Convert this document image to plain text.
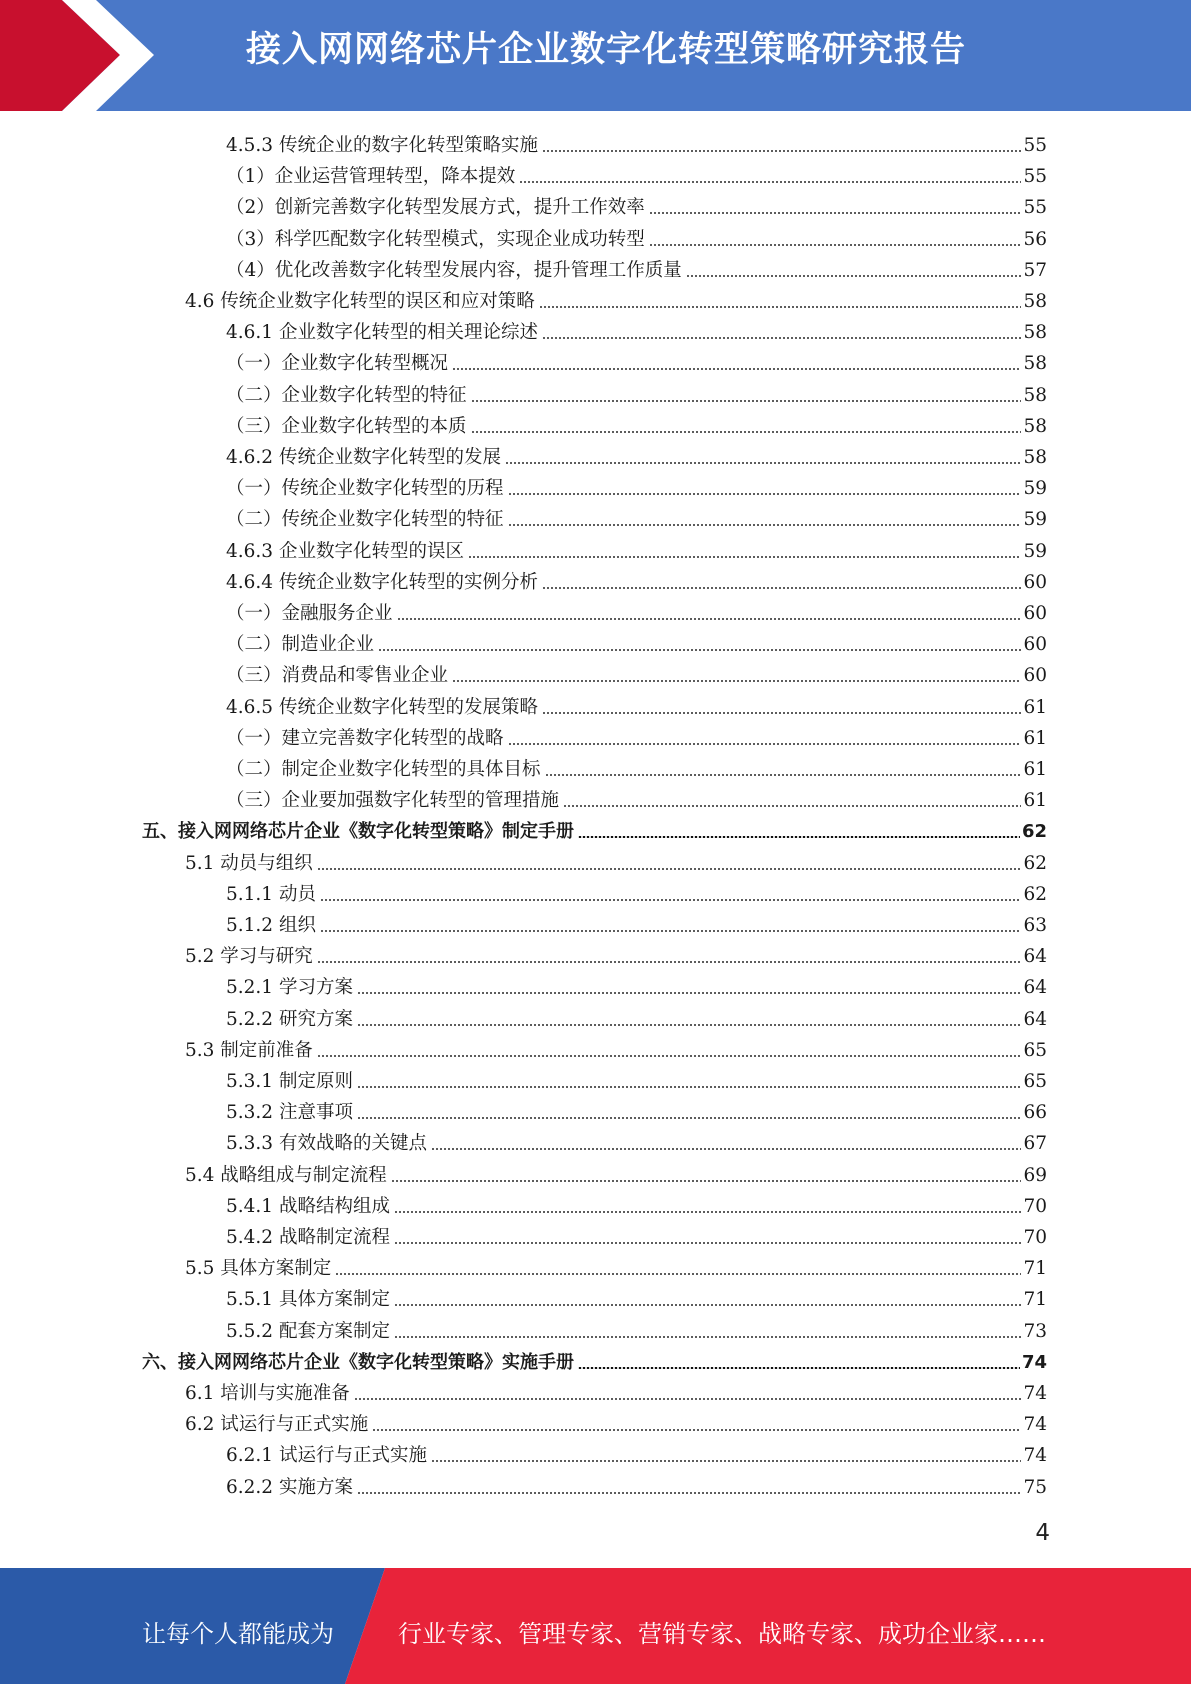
接入网网络芯片企业数字化转型策略研究报告
4.5.3 传统企业的数字化转型策略实施	55
（1）企业运营管理转型，降本提效	55
（2）创新完善数字化转型发展方式，提升工作效率	55
（3）科学匹配数字化转型模式，实现企业成功转型	56
（4）优化改善数字化转型发展内容，提升管理工作质量	57
4.6 传统企业数字化转型的误区和应对策略	58
4.6.1 企业数字化转型的相关理论综述	58
（一）企业数字化转型概况	58
（二）企业数字化转型的特征	58
（三）企业数字化转型的本质	58
4.6.2 传统企业数字化转型的发展	58
（一）传统企业数字化转型的历程	59
（二）传统企业数字化转型的特征	59
4.6.3 企业数字化转型的误区	59
4.6.4 传统企业数字化转型的实例分析	60
（一）金融服务企业	60
（二）制造业企业	60
（三）消费品和零售业企业	60
4.6.5 传统企业数字化转型的发展策略	61
（一）建立完善数字化转型的战略	61
（二）制定企业数字化转型的具体目标	61
（三）企业要加强数字化转型的管理措施	61
五、接入网网络芯片企业《数字化转型策略》制定手册	62
5.1 动员与组织	62
5.1.1 动员	62
5.1.2 组织	63
5.2 学习与研究	64
5.2.1 学习方案	64
5.2.2 研究方案	64
5.3 制定前准备	65
5.3.1 制定原则	65
5.3.2 注意事项	66
5.3.3 有效战略的关键点	67
5.4 战略组成与制定流程	69
5.4.1 战略结构组成	70
5.4.2 战略制定流程	70
5.5 具体方案制定	71
5.5.1 具体方案制定	71
5.5.2 配套方案制定	73
六、接入网网络芯片企业《数字化转型策略》实施手册	74
6.1 培训与实施准备	74
6.2 试运行与正式实施	74
6.2.1 试运行与正式实施	74
6.2.2 实施方案	75
4
让每个人都能成为	行业专家、管理专家、营销专家、战略专家、成功企业家……
